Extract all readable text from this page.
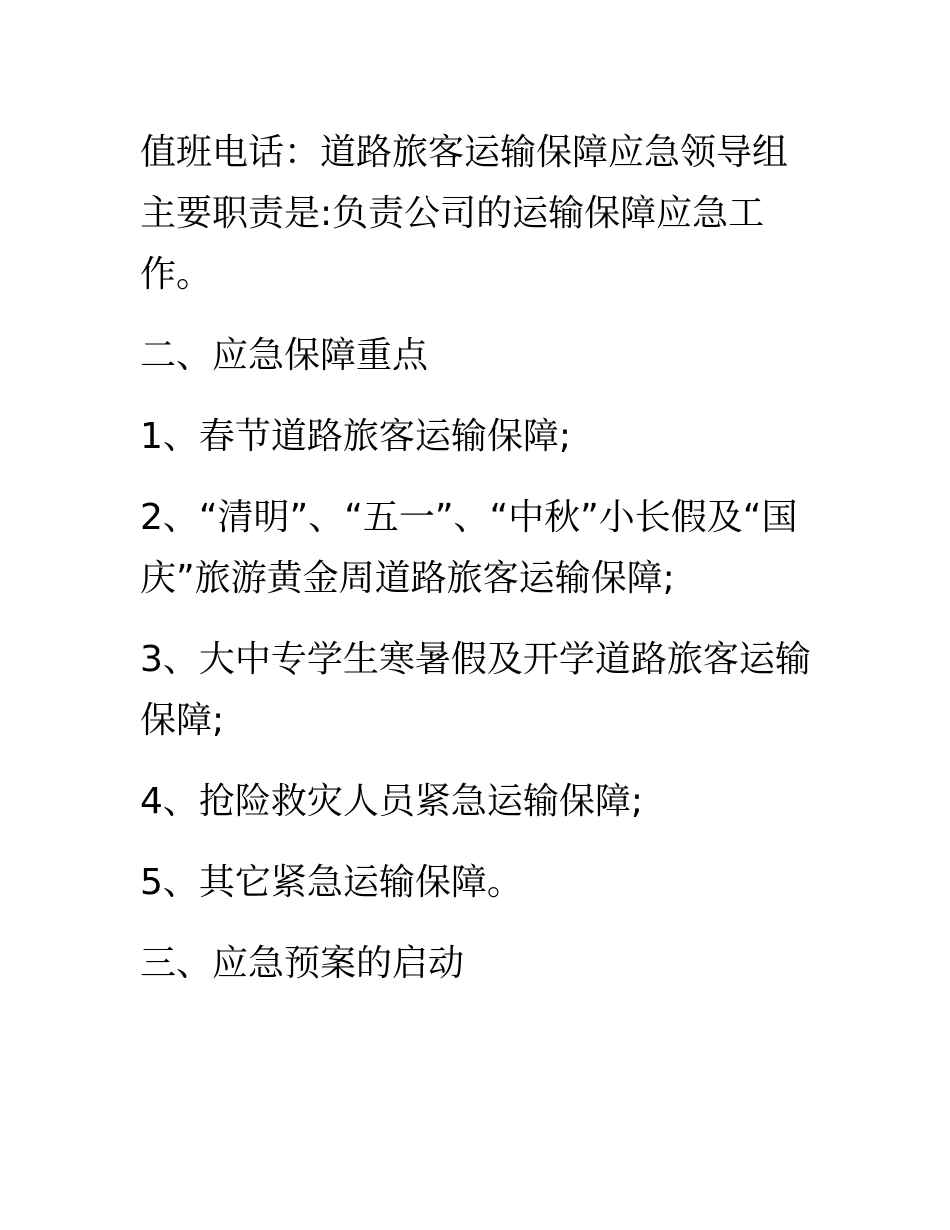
值班电话：道路旅客运输保障应急领导组主要职责是:负责公司的运输保障应急工作。

二、应急保障重点

1、春节道路旅客运输保障;

2、“清明”、“五一”、“中秋”小长假及“国庆”旅游黄金周道路旅客运输保障;

3、大中专学生寒暑假及开学道路旅客运输保障;

4、抢险救灾人员紧急运输保障;

5、其它紧急运输保障。

三、应急预案的启动
